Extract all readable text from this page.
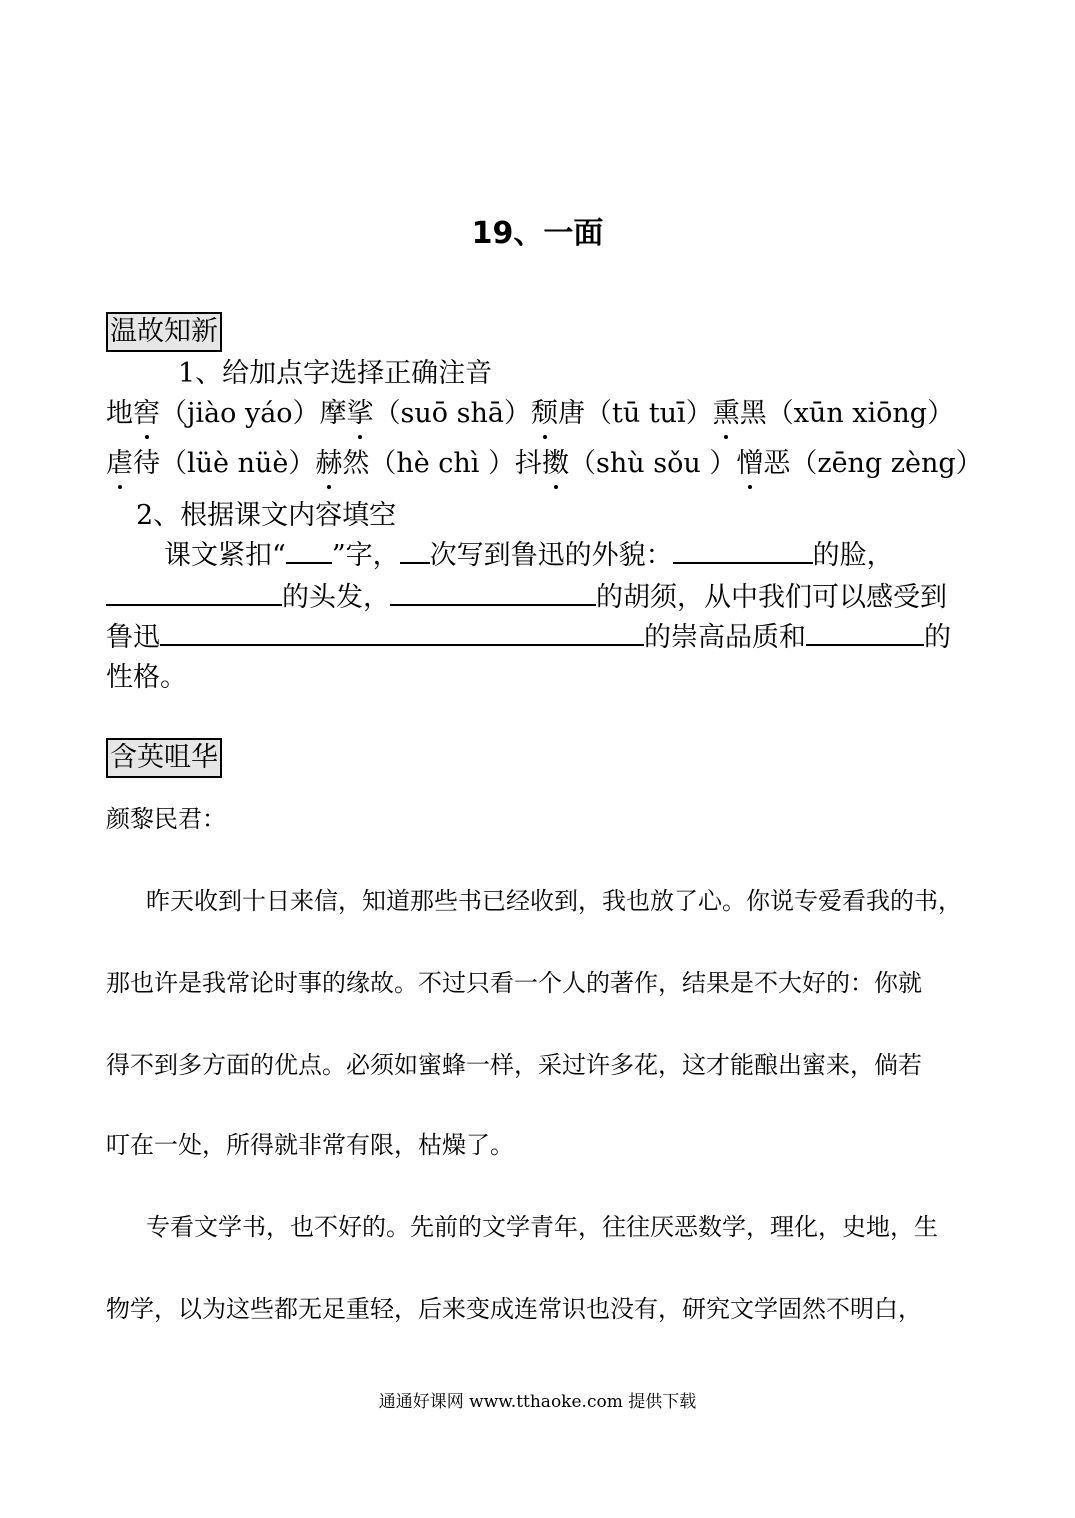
19、一面
温故知新
1、给加点字选择正确注音
地窖（jiào yáo）摩挲（suō shā）颓唐（tū tuī）熏黑（xūn xiōng）
虐待（lüè nüè）赫然（hè chì ）抖擞（shù sǒu ）憎恶（zēng zèng）
2、根据课文内容填空
课文紧扣“ ”字， 次写到鲁迅的外貌：	的脸，
的头发，	的胡须，从中我们可以感受到
鲁迅	的崇高品质和	的
性格。
含英咀华
颜黎民君：
昨天收到十日来信，知道那些书已经收到，我也放了心。你说专爱看我的书，
那也许是我常论时事的缘故。不过只看一个人的著作，结果是不大好的：你就
得不到多方面的优点。必须如蜜蜂一样，采过许多花，这才能酿出蜜来，倘若
叮在一处，所得就非常有限，枯燥了。
专看文学书，也不好的。先前的文学青年，往往厌恶数学，理化，史地，生
物学，以为这些都无足重轻，后来变成连常识也没有，研究文学固然不明白，
通通好课网 www.tthaoke.com 提供下载
